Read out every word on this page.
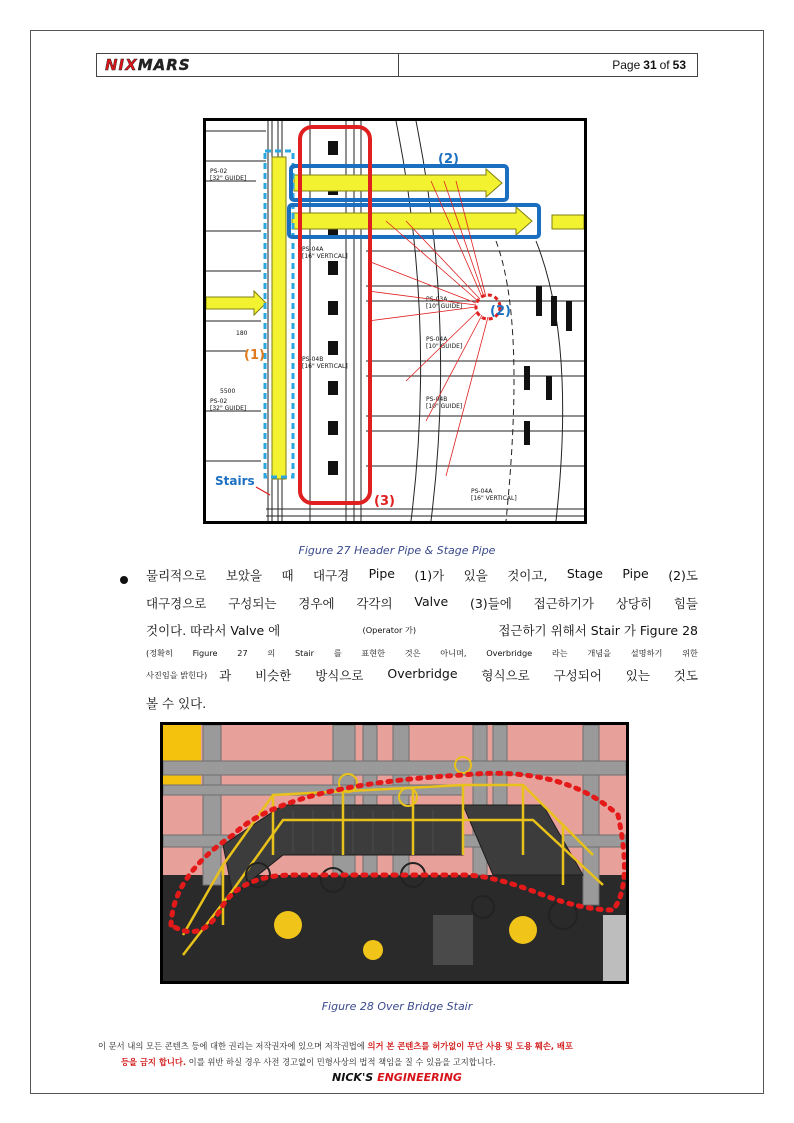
NIXMARS	Page 31 of 53
PS-04A
[16" VERTICAL]
PS-04B
[16" VERTICAL]
PS-03A
[10" GUIDE]
PS-04A
[10" GUIDE]
PS-04B
[10" GUIDE]
PS-04A
[16" VERTICAL]
PS-02
[32" GUIDE]
PS-02
[32" GUIDE]
5500
180
(1)
(2)
(2)
(3)
Stairs
Figure 27 Header Pipe & Stage Pipe
물리적으로 보았을 때 대구경 Pipe (1)가 있을 것이고, Stage Pipe (2)도
대구경으로 구성되는 경우에 각각의 Valve (3)들에 접근하기가 상당히 힘들
것이다. 따라서 Valve 에	(Operator 가)	접근하기 위해서 Stair 가 Figure 28
(정확히 Figure 27 의 Stair 를 표현한 것은 아니며, Overbridge 라는 개념을 설명하기 위한
사진임을 밝힌다) 과 비슷한 방식으로 Overbridge 형식으로 구성되어 있는 것도
볼 수 있다.
Figure 28 Over Bridge Stair
이 문서 내의 모든 콘텐츠 등에 대한 권리는 저작권자에 있으며 저작권법에 의거 본 콘텐츠를 허가없이 무단 사용 및 도용 훼손, 배포
등을 금지 합니다. 이를 위반 하실 경우 사전 경고없이 민형사상의 법적 책임을 질 수 있음을 고지합니다.
NICK'S ENGINEERING
